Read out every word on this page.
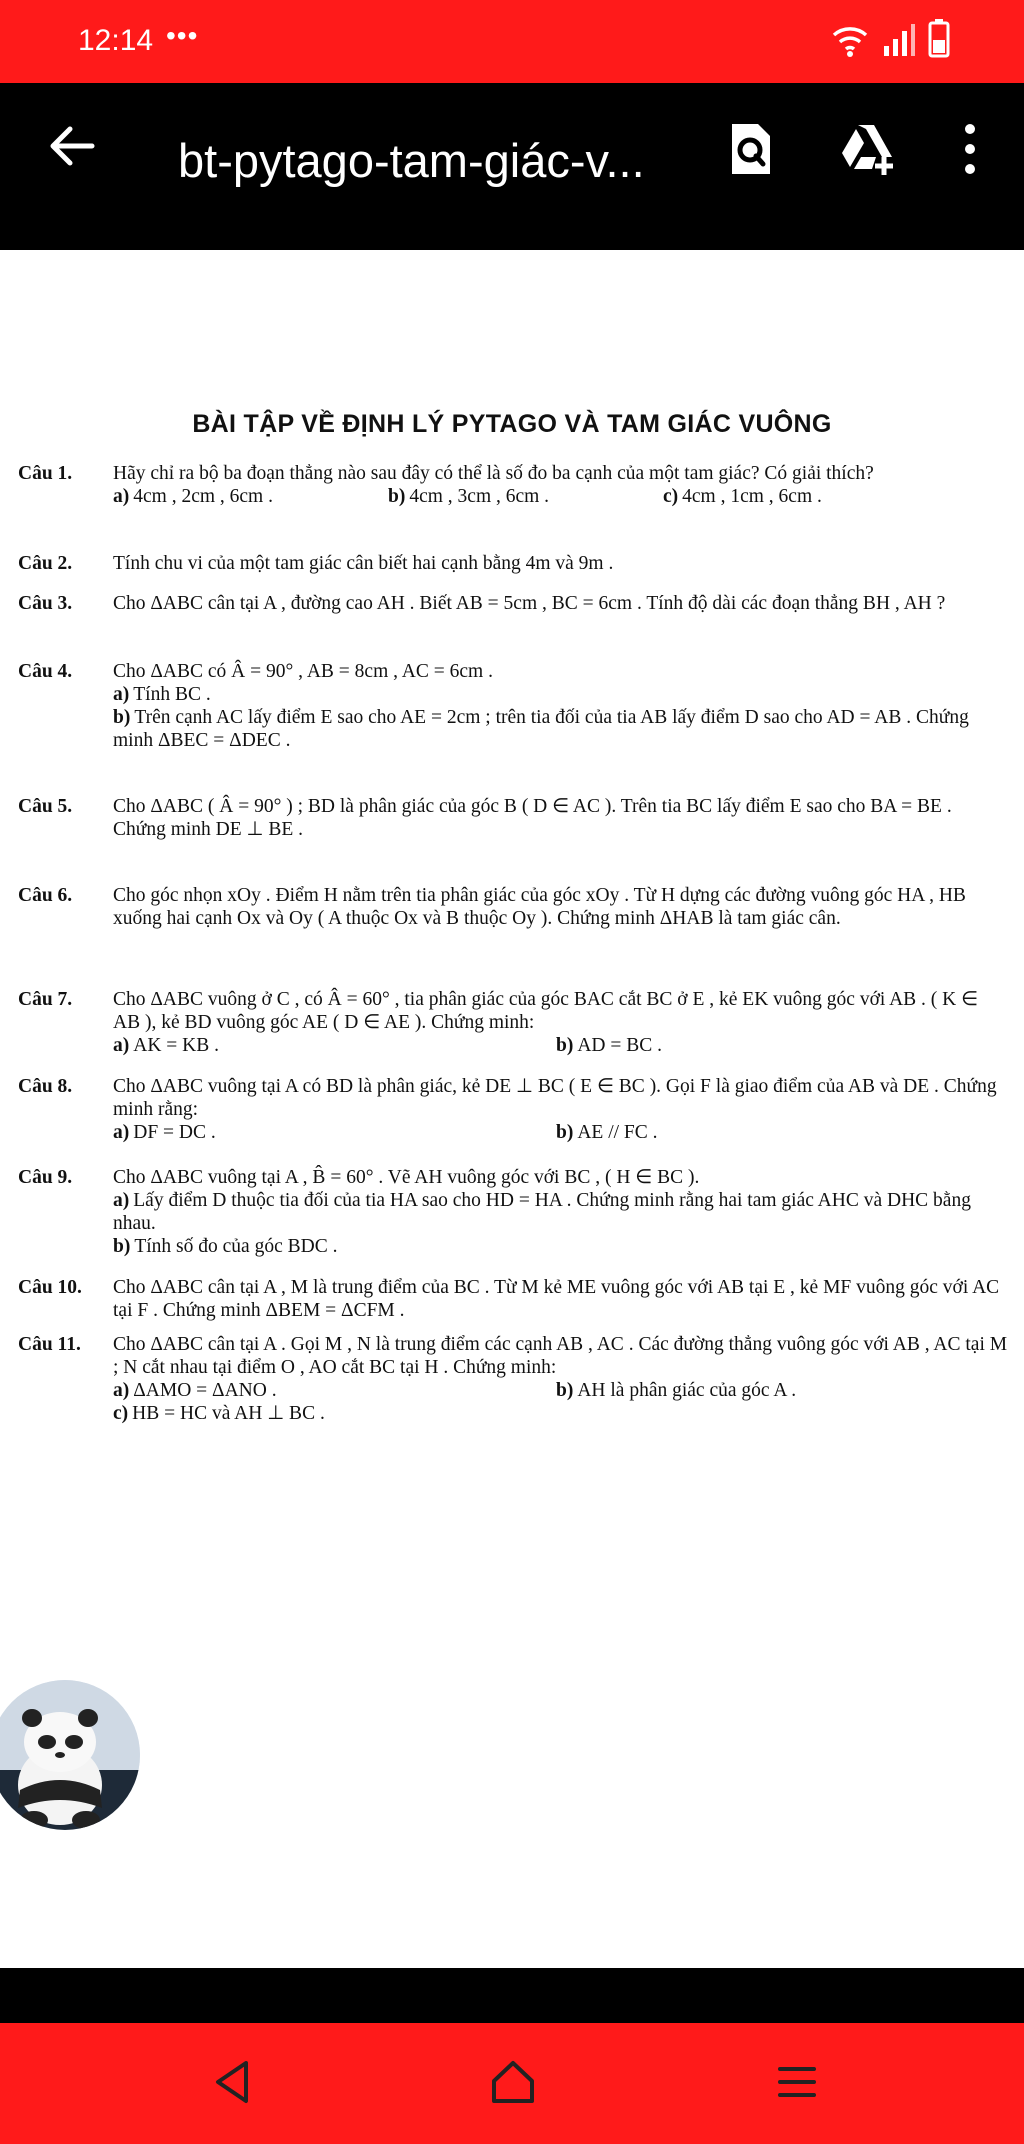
12:14 •••
bt-pytago-tam-giác-v...
BÀI TẬP VỀ ĐỊNH LÝ PYTAGO VÀ TAM GIÁC VUÔNG
Câu 1.	Hãy chỉ ra bộ ba đoạn thẳng nào sau đây có thể là số đo ba cạnh của một tam giác? Có giải thích?
a) 4cm , 2cm , 6cm .	b) 4cm , 3cm , 6cm .	c) 4cm , 1cm , 6cm .
Câu 2.	Tính chu vi của một tam giác cân biết hai cạnh bằng 4m và 9m .
Câu 3.	Cho ΔABC cân tại A , đường cao AH . Biết AB = 5cm , BC = 6cm . Tính độ dài các đoạn thẳng BH , AH ?
Câu 4.	Cho ΔABC có Â = 90° , AB = 8cm , AC = 6cm .
a) Tính BC .
b) Trên cạnh AC lấy điểm E sao cho AE = 2cm ; trên tia đối của tia AB lấy điểm D sao cho AD = AB . Chứng minh ΔBEC = ΔDEC .
Câu 5.	Cho ΔABC ( Â = 90° ) ; BD là phân giác của góc B ( D ∈ AC ). Trên tia BC lấy điểm E sao cho BA = BE . Chứng minh DE ⊥ BE .
Câu 6.	Cho góc nhọn xOy . Điểm H nằm trên tia phân giác của góc xOy . Từ H dựng các đường vuông góc HA , HB xuống hai cạnh Ox và Oy ( A thuộc Ox và B thuộc Oy ). Chứng minh ΔHAB là tam giác cân.
Câu 7.	Cho ΔABC vuông ở C , có Â = 60° , tia phân giác của góc BAC cắt BC ở E , kẻ EK vuông góc với AB . ( K ∈ AB ), kẻ BD vuông góc AE ( D ∈ AE ). Chứng minh:
a) AK = KB .	b) AD = BC .
Câu 8.	Cho ΔABC vuông tại A có BD là phân giác, kẻ DE ⊥ BC ( E ∈ BC ). Gọi F là giao điểm của AB và DE . Chứng minh rằng:
a) DF = DC .	b) AE // FC .
Câu 9.	Cho ΔABC vuông tại A , B̂ = 60° . Vẽ AH vuông góc với BC , ( H ∈ BC ).
a) Lấy điểm D thuộc tia đối của tia HA sao cho HD = HA . Chứng minh rằng hai tam giác AHC và DHC bằng nhau.
b) Tính số đo của góc BDC .
Câu 10.	Cho ΔABC cân tại A , M là trung điểm của BC . Từ M kẻ ME vuông góc với AB tại E , kẻ MF vuông góc với AC tại F . Chứng minh ΔBEM = ΔCFM .
Câu 11.	Cho ΔABC cân tại A . Gọi M , N là trung điểm các cạnh AB , AC . Các đường thẳng vuông góc với AB , AC tại M ; N cắt nhau tại điểm O , AO cắt BC tại H . Chứng minh:
a) ΔAMO = ΔANO .	b) AH là phân giác của góc A .
c) HB = HC và AH ⊥ BC .
